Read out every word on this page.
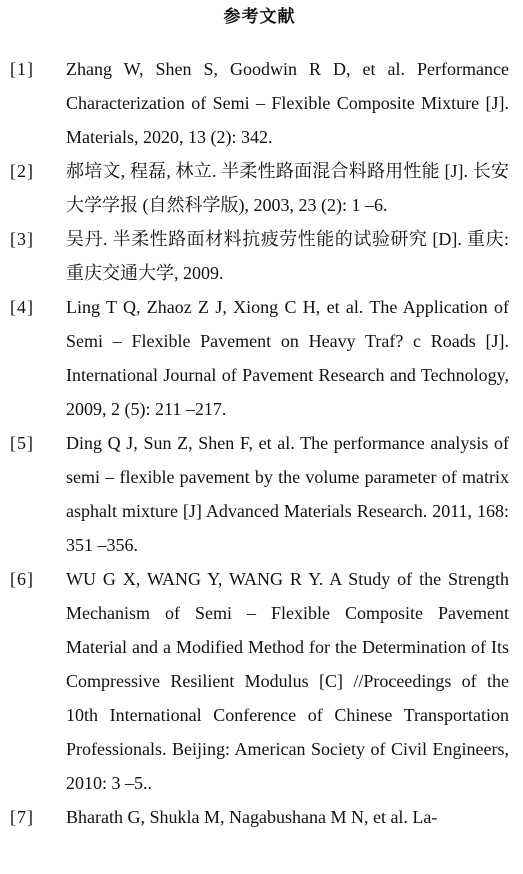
参考文献
[1]	Zhang W, Shen S, Goodwin R D, et al. Performance Characterization of Semi – Flexible Composite Mixture [J]. Materials, 2020, 13 (2): 342.
[2]	郝培文, 程磊, 林立. 半柔性路面混合料路用性能 [J]. 长安大学学报 (自然科学版), 2003, 23 (2): 1 –6.
[3]	吴丹. 半柔性路面材料抗疲劳性能的试验研究 [D]. 重庆: 重庆交通大学, 2009.
[4]	Ling T Q, Zhaoz Z J, Xiong C H, et al. The Application of Semi – Flexible Pavement on Heavy Traf? c Roads [J]. International Journal of Pavement Research and Technology, 2009, 2 (5): 211 –217.
[5]	Ding Q J, Sun Z, Shen F, et al. The performance analysis of semi – flexible pavement by the volume parameter of matrix asphalt mixture [J] Advanced Materials Research. 2011, 168: 351 –356.
[6]	WU G X, WANG Y, WANG R Y. A Study of the Strength Mechanism of Semi – Flexible Composite Pavement Material and a Modified Method for the Determination of Its Compressive Resilient Modulus [C] //Proceedings of the 10th International Conference of Chinese Transportation Professionals. Beijing: American Society of Civil Engineers, 2010: 3 –5..
[7]	Bharath G, Shukla M, Nagabushana M N, et al. La-
